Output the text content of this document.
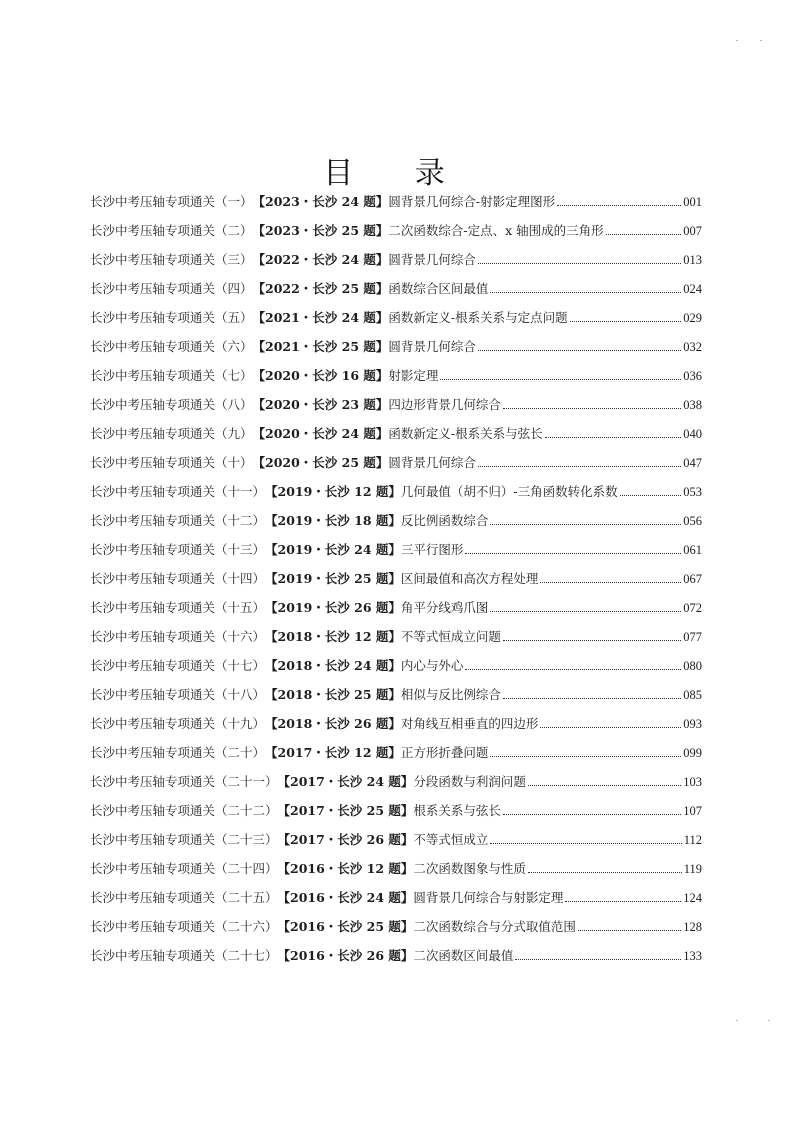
目 录
长沙中考压轴专项通关（一） 【2023・长沙 24 题】 圆背景几何综合-射影定理图形	001
长沙中考压轴专项通关（二） 【2023・长沙 25 题】 二次函数综合-定点、x 轴围成的三角形	007
长沙中考压轴专项通关（三） 【2022・长沙 24 题】 圆背景几何综合	013
长沙中考压轴专项通关（四） 【2022・长沙 25 题】 函数综合区间最值	024
长沙中考压轴专项通关（五） 【2021・长沙 24 题】 函数新定义-根系关系与定点问题	029
长沙中考压轴专项通关（六） 【2021・长沙 25 题】 圆背景几何综合	032
长沙中考压轴专项通关（七） 【2020・长沙 16 题】 射影定理	036
长沙中考压轴专项通关（八） 【2020・长沙 23 题】 四边形背景几何综合	038
长沙中考压轴专项通关（九） 【2020・长沙 24 题】 函数新定义-根系关系与弦长	040
长沙中考压轴专项通关（十） 【2020・长沙 25 题】 圆背景几何综合	047
长沙中考压轴专项通关（十一） 【2019・长沙 12 题】 几何最值（胡不归）-三角函数转化系数	053
长沙中考压轴专项通关（十二） 【2019・长沙 18 题】 反比例函数综合	056
长沙中考压轴专项通关（十三） 【2019・长沙 24 题】 三平行图形	061
长沙中考压轴专项通关（十四） 【2019・长沙 25 题】 区间最值和高次方程处理	067
长沙中考压轴专项通关（十五） 【2019・长沙 26 题】 角平分线鸡爪图	072
长沙中考压轴专项通关（十六） 【2018・长沙 12 题】 不等式恒成立问题	077
长沙中考压轴专项通关（十七） 【2018・长沙 24 题】 内心与外心	080
长沙中考压轴专项通关（十八） 【2018・长沙 25 题】 相似与反比例综合	085
长沙中考压轴专项通关（十九） 【2018・长沙 26 题】 对角线互相垂直的四边形	093
长沙中考压轴专项通关（二十） 【2017・长沙 12 题】 正方形折叠问题	099
长沙中考压轴专项通关（二十一） 【2017・长沙 24 题】 分段函数与利润问题	103
长沙中考压轴专项通关（二十二） 【2017・长沙 25 题】 根系关系与弦长	107
长沙中考压轴专项通关（二十三） 【2017・长沙 26 题】 不等式恒成立	112
长沙中考压轴专项通关（二十四） 【2016・长沙 12 题】 二次函数图象与性质	119
长沙中考压轴专项通关（二十五） 【2016・长沙 24 题】 圆背景几何综合与射影定理	124
长沙中考压轴专项通关（二十六） 【2016・长沙 25 题】 二次函数综合与分式取值范围	128
长沙中考压轴专项通关（二十七） 【2016・长沙 26 题】 二次函数区间最值	133
